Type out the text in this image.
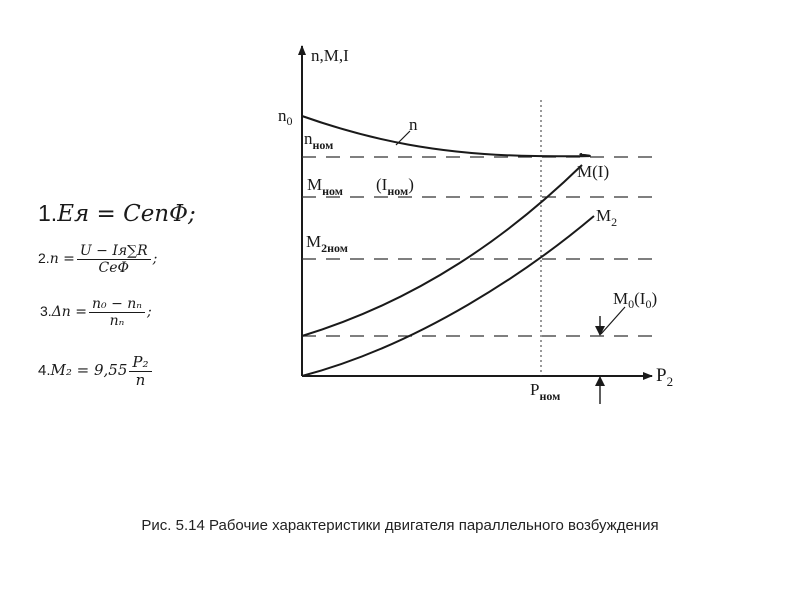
n,M,I
$P_2$
$n_0$	n
$n_{ном}$
M(I)
$M_{ном}$ $(I_{ном})$
$M_2$
$M_{2ном}$
$M_0(I_0)$
$P_{ном}$
1.Eя = CenΦ;
$2.n = \frac{U - Iя\sum R}{\text{CeΦ}}$ ;
$3.\Delta n = \frac{\text{n₀ − nₙ}}{\text{nₙ}}$ ;
$4.M_2 = 9,55 \frac{\text{P₂}}{n}$
Рис. 5.14 Рабочие характеристики двигателя параллельного возбуждения
